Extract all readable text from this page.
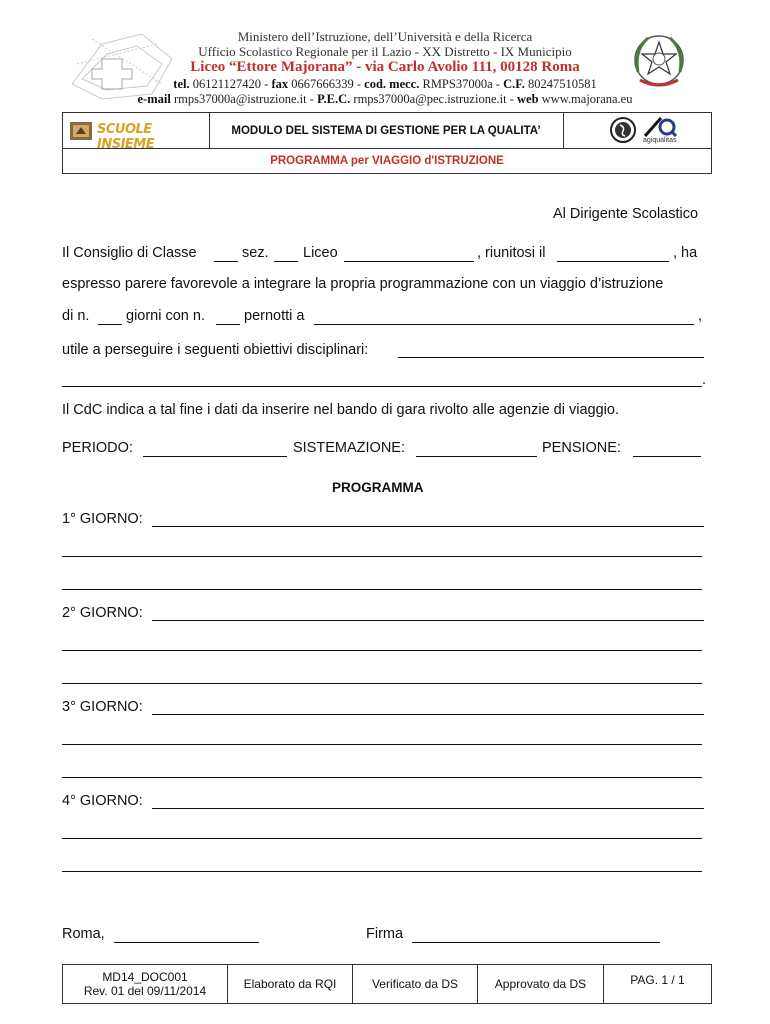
Ministero dell’Istruzione, dell’Università e della Ricerca
Ufficio Scolastico Regionale per il Lazio - XX Distretto - IX Municipio
Liceo “Ettore Majorana” - via Carlo Avolio 111, 00128 Roma
tel. 06121127420 - fax 0667666339 - cod. mecc. RMPS37000a - C.F. 80247510581
e-mail rmps37000a@istruzione.it - P.E.C. rmps37000a@pec.istruzione.it - web www.majorana.eu
SCUOLE INSIEME
MODULO DEL SISTEMA DI GESTIONE PER LA QUALITA’
agiqualitas
PROGRAMMA per VIAGGIO d'ISTRUZIONE
Al Dirigente Scolastico
Il Consiglio di Classe	sez. Liceo	, riunitosi il	, ha
espresso parere favorevole a integrare la propria programmazione con un viaggio d’istruzione
di n.	giorni con n.	pernotti a	,
utile a perseguire i seguenti obiettivi disciplinari:
.
Il CdC indica a tal fine i dati da inserire nel bando di gara rivolto alle agenzie di viaggio.
PERIODO:	SISTEMAZIONE:	PENSIONE:
PROGRAMMA
1° GIORNO:
2° GIORNO:
3° GIORNO:
4° GIORNO:
Roma,	Firma
MD14_DOC001
Rev. 01 del 09/11/2014	Elaborato da RQI	Verificato da DS	Approvato da DS	PAG. 1 / 1
